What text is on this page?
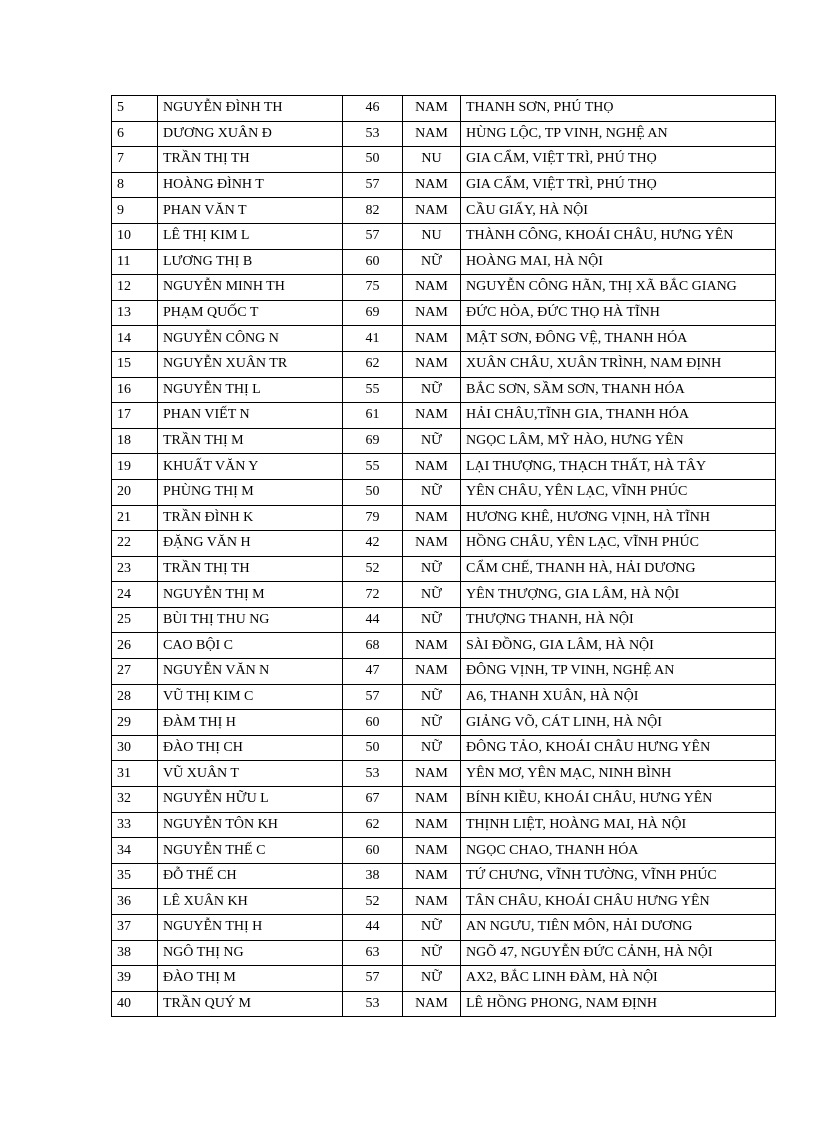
5	NGUYỄN ĐÌNH TH	46	NAM	THANH SƠN, PHÚ THỌ
6	DƯƠNG XUÂN Đ	53	NAM	HÙNG LỘC, TP VINH, NGHỆ AN
7	TRẦN THỊ TH	50	NU	GIA CẨM, VIỆT TRÌ, PHÚ THỌ
8	HOÀNG ĐÌNH T	57	NAM	GIA CẨM, VIỆT TRÌ, PHÚ THỌ
9	PHAN VĂN T	82	NAM	CẦU GIẤY, HÀ NỘI
10	LÊ THỊ KIM L	57	NU	THÀNH CÔNG, KHOÁI CHÂU, HƯNG YÊN
11	LƯƠNG THỊ B	60	NỮ	HOÀNG MAI, HÀ NỘI
12	NGUYỄN MINH TH	75	NAM	NGUYỄN CÔNG HÃN, THỊ XÃ BẮC GIANG
13	PHẠM QUỐC T	69	NAM	ĐỨC HÒA, ĐỨC THỌ HÀ TĨNH
14	NGUYỄN CÔNG N	41	NAM	MẬT SƠN, ĐÔNG VỆ, THANH HÓA
15	NGUYỄN XUÂN TR	62	NAM	XUÂN CHÂU, XUÂN TRÌNH, NAM ĐỊNH
16	NGUYỄN THỊ L	55	NỮ	BẮC SƠN, SẦM SƠN, THANH HÓA
17	PHAN VIẾT N	61	NAM	HẢI CHÂU,TĨNH GIA, THANH HÓA
18	TRẦN THỊ M	69	NỮ	NGỌC LÂM, MỸ HÀO, HƯNG YÊN
19	KHUẤT VĂN Y	55	NAM	LẠI THƯỢNG, THẠCH THẤT, HÀ TÂY
20	PHÙNG THỊ M	50	NỮ	YÊN CHÂU, YÊN LẠC, VĨNH PHÚC
21	TRẦN ĐÌNH K	79	NAM	HƯƠNG KHÊ, HƯƠNG VỊNH, HÀ TĨNH
22	ĐẶNG VĂN H	42	NAM	HỒNG CHÂU, YÊN LẠC, VĨNH PHÚC
23	TRẦN THỊ TH	52	NỮ	CẨM CHẾ, THANH HÀ, HẢI DƯƠNG
24	NGUYỄN THỊ M	72	NỮ	YÊN THƯỢNG, GIA LÂM, HÀ NỘI
25	BÙI THỊ THU NG	44	NỮ	THƯỢNG THANH, HÀ NỘI
26	CAO BỘI C	68	NAM	SÀI ĐỒNG, GIA LÂM, HÀ NỘI
27	NGUYỄN VĂN N	47	NAM	ĐÔNG VỊNH, TP VINH, NGHỆ AN
28	VŨ THỊ KIM C	57	NỮ	A6, THANH XUÂN, HÀ NỘI
29	ĐÀM THỊ H	60	NỮ	GIẢNG VÕ, CÁT LINH, HÀ NỘI
30	ĐÀO THỊ CH	50	NỮ	ĐÔNG TẢO, KHOÁI CHÂU HƯNG YÊN
31	VŨ XUÂN T	53	NAM	YÊN MƠ, YÊN MẠC, NINH BÌNH
32	NGUYỄN HỮU L	67	NAM	BÍNH KIỀU, KHOÁI CHÂU, HƯNG YÊN
33	NGUYỄN TÔN KH	62	NAM	THỊNH LIỆT, HOÀNG MAI, HÀ NỘI
34	NGUYỄN THẾ C	60	NAM	NGỌC CHAO, THANH HÓA
35	ĐỖ THẾ CH	38	NAM	TỨ CHƯNG, VĨNH TƯỜNG, VĨNH PHÚC
36	LÊ XUÂN KH	52	NAM	TÂN CHÂU, KHOÁI CHÂU HƯNG YÊN
37	NGUYỄN THỊ H	44	NỮ	AN NGƯU, TIÊN MÔN, HẢI DƯƠNG
38	NGÔ THỊ NG	63	NỮ	NGÕ 47, NGUYỄN ĐỨC CẢNH, HÀ NỘI
39	ĐÀO THỊ M	57	NỮ	AX2, BẮC LINH ĐÀM, HÀ NỘI
40	TRẦN QUÝ M	53	NAM	LÊ HỒNG PHONG, NAM ĐỊNH
